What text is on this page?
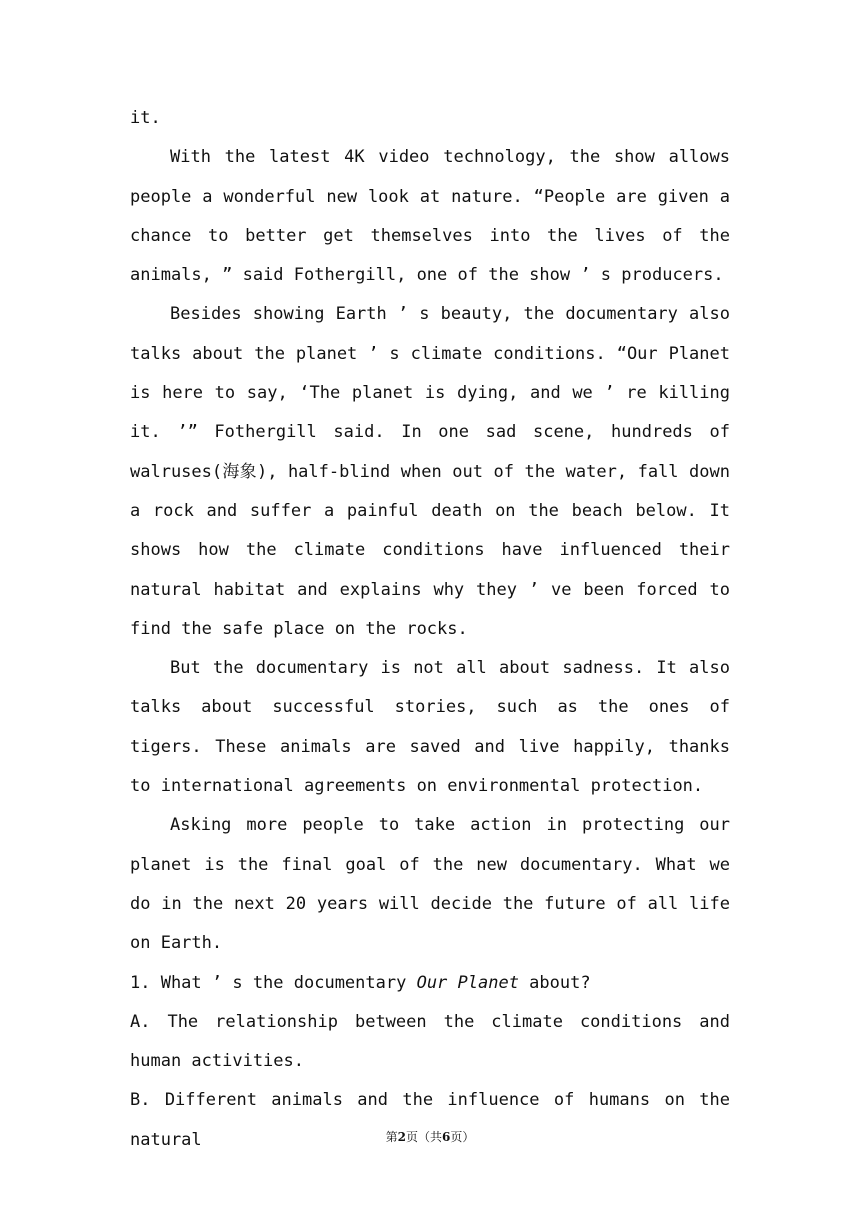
it.

With the latest 4K video technology, the show allows people a wonderful new look at nature. “People are given a chance to better get themselves into the lives of the animals, ” said Fothergill, one of the show ’ s producers.

Besides showing Earth ’ s beauty, the documentary also talks about the planet ’ s climate conditions. “Our Planet is here to say, ‘The planet is dying, and we ’ re killing it. ’” Fothergill said. In one sad scene, hundreds of walruses(海象), half-blind when out of the water, fall down a rock and suffer a painful death on the beach below. It shows how the climate conditions have influenced their natural habitat and explains why they ’ ve been forced to find the safe place on the rocks.

But the documentary is not all about sadness. It also talks about successful stories, such as the ones of tigers. These animals are saved and live happily, thanks to international agreements on environmental protection.

Asking more people to take action in protecting our planet is the final goal of the new documentary. What we do in the next 20 years will decide the future of all life on Earth.

1. What ’ s the documentary Our Planet about?

A. The relationship between the climate conditions and human activities.

B. Different animals and the influence of humans on the natural	第2页（共6页）
